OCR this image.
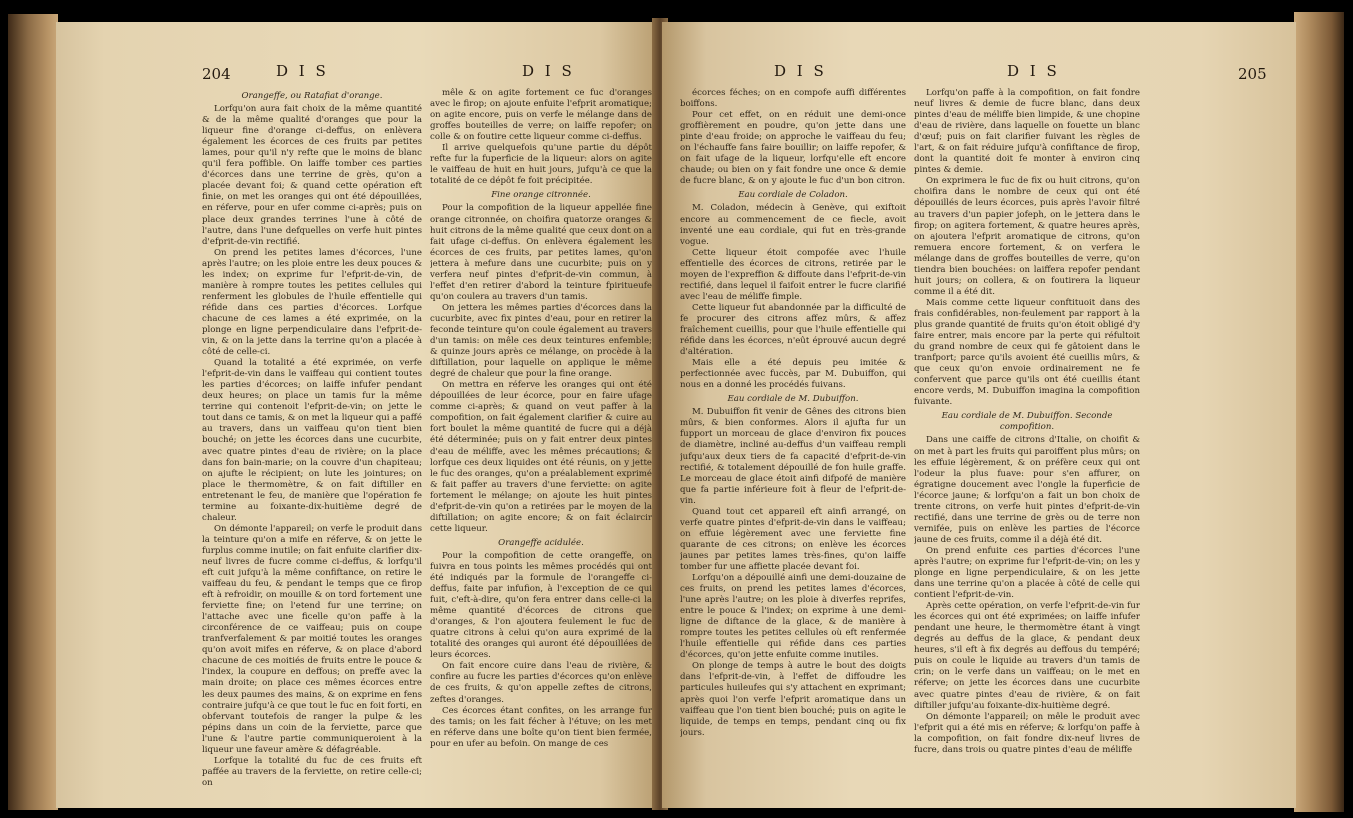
204	D I S	D I S

Orangeffe, ou Ratafiat d'orange.

Lorfqu'on aura fait choix de la même quantité & de la même qualité d'oranges que pour la liqueur fine d'orange ci-deffus, on enlèvera également les écorces de ces fruits par petites lames, pour qu'il n'y refte que le moins de blanc qu'il fera poffible. On laiffe tomber ces parties d'écorces dans une terrine de grès, qu'on a placée devant foi; & quand cette opération eft finie, on met les oranges qui ont été dépouillées, en réferve, pour en ufer comme ci-après; puis on place deux grandes terrines l'une à côté de l'autre, dans l'une defquelles on verfe huit pintes d'efprit-de-vin rectifié.

On prend les petites lames d'écorces, l'une après l'autre; on les ploie entre les deux pouces & les index; on exprime fur l'efprit-de-vin, de manière à rompre toutes les petites cellules qui renferment les globules de l'huile effentielle qui réfide dans ces parties d'écorces. Lorfque chacune de ces lames a été exprimée, on la plonge en ligne perpendiculaire dans l'efprit-de-vin, & on la jette dans la terrine qu'on a placée à côté de celle-ci.

Quand la totalité a été exprimée, on verfe l'efprit-de-vin dans le vaiffeau qui contient toutes les parties d'écorces; on laiffe infufer pendant deux heures; on place un tamis fur la même terrine qui contenoit l'efprit-de-vin; on jette le tout dans ce tamis, & on met la liqueur qui a paffé au travers, dans un vaiffeau qu'on tient bien bouché; on jette les écorces dans une cucurbite, avec quatre pintes d'eau de rivière; on la place dans fon bain-marie; on la couvre d'un chapiteau; on ajufte le récipient; on lute les jointures; on place le thermomètre, & on fait diftiller en entretenant le feu, de manière que l'opération fe termine au foixante-dix-huitième degré de chaleur.

On démonte l'appareil; on verfe le produit dans la teinture qu'on a mife en réferve, & on jette le furplus comme inutile; on fait enfuite clarifier dix-neuf livres de fucre comme ci-deffus, & lorfqu'il eft cuit jufqu'à la même confiftance, on retire le vaiffeau du feu, & pendant le temps que ce firop eft à refroidir, on mouille & on tord fortement une ferviette fine; on l'etend fur une terrine; on l'attache avec une ficelle qu'on paffe à la circonférence de ce vaiffeau; puis on coupe tranfverfalement & par moitié toutes les oranges qu'on avoit mifes en réferve, & on place d'abord chacune de ces moitiés de fruits entre le pouce & l'index, la coupure en deffous; on preffe avec la main droite; on place ces mêmes écorces entre les deux paumes des mains, & on exprime en fens contraire jufqu'à ce que tout le fuc en foit forti, en obfervant toutefois de ranger la pulpe & les pépins dans un coin de la ferviette, parce que l'une & l'autre partie communiqueroient à la liqueur une faveur amère & défagréable.

Lorfque la totalité du fuc de ces fruits eft paffée au travers de la ferviette, on retire celle-ci; on

mêle & on agite fortement ce fuc d'oranges avec le firop; on ajoute enfuite l'efprit aromatique; on agite encore, puis on verfe le mélange dans de groffes bouteilles de verre; on laiffe repofer; on colle & on foutire cette liqueur comme ci-deffus.

Il arrive quelquefois qu'une partie du dépôt refte fur la fuperficie de la liqueur: alors on agite le vaiffeau de huit en huit jours, jufqu'à ce que la totalité de ce dépôt fe foit précipitée.

Fine orange citronnée.

Pour la compofition de la liqueur appellée fine orange citronnée, on choifira quatorze oranges & huit citrons de la même qualité que ceux dont on a fait ufage ci-deffus. On enlèvera également les écorces de ces fruits, par petites lames, qu'on jettera à mefure dans une cucurbite; puis on y verfera neuf pintes d'efprit-de-vin commun, à l'effet d'en retirer d'abord la teinture fpiritueufe qu'on coulera au travers d'un tamis.

On jettera les mêmes parties d'écorces dans la cucurbite, avec fix pintes d'eau, pour en retirer la feconde teinture qu'on coule également au travers d'un tamis: on mêle ces deux teintures enfemble; & quinze jours après ce mélange, on procède à la diftillation, pour laquelle on applique le même degré de chaleur que pour la fine orange.

On mettra en réferve les oranges qui ont été dépouillées de leur écorce, pour en faire ufage comme ci-après; & quand on veut paffer à la compofition, on fait également clarifier & cuire au fort boulet la même quantité de fucre qui a déjà été déterminée; puis on y fait entrer deux pintes d'eau de méliffe, avec les mêmes précautions; & lorfque ces deux liquides ont été réunis, on y jette le fuc des oranges, qu'on a préalablement exprimé & fait paffer au travers d'une ferviette: on agite fortement le mélange; on ajoute les huit pintes d'efprit-de-vin qu'on a retirées par le moyen de la diftillation; on agite encore; & on fait éclaircir cette liqueur.

Orangeffe acidulée.

Pour la compofition de cette orangeffe, on fuivra en tous points les mêmes procédés qui ont été indiqués par la formule de l'orangeffe ci-deffus, faite par infufion, à l'exception de ce qui fuit, c'eft-à-dire, qu'on fera entrer dans celle-ci la même quantité d'écorces de citrons que d'oranges, & l'on ajoutera feulement le fuc de quatre citrons à celui qu'on aura exprimé de la totalité des oranges qui auront été dépouillées de leurs écorces.

On fait encore cuire dans l'eau de rivière, & confire au fucre les parties d'écorces qu'on enlève de ces fruits, & qu'on appelle zeftes de citrons, zeftes d'oranges.

Ces écorces étant confites, on les arrange fur des tamis; on les fait fécher à l'étuve; on les met en réferve dans une boîte qu'on tient bien fermée, pour en ufer au befoin. On mange de ces

D I S	D I S	205

écorces féches; on en compofe auffi différentes boiffons.

Pour cet effet, on en réduit une demi-once groffièrement en poudre, qu'on jette dans une pinte d'eau froide; on approche le vaiffeau du feu; on l'échauffe fans faire bouillir; on laiffe repofer, & on fait ufage de la liqueur, lorfqu'elle eft encore chaude; ou bien on y fait fondre une once & demie de fucre blanc, & on y ajoute le fuc d'un bon citron.

Eau cordiale de Coladon.

M. Coladon, médecin à Genève, qui exiftoit encore au commencement de ce fiecle, avoit inventé une eau cordiale, qui fut en très-grande vogue.

Cette liqueur étoit compofée avec l'huile effentielle des écorces de citrons, retirée par le moyen de l'expreffion & diffoute dans l'efprit-de-vin rectifié, dans lequel il faifoit entrer le fucre clarifié avec l'eau de méliffe fimple.

Cette liqueur fut abandonnée par la difficulté de fe procurer des citrons affez mûrs, & affez fraîchement cueillis, pour que l'huile effentielle qui réfide dans les écorces, n'eût éprouvé aucun degré d'altération.

Mais elle a été depuis peu imitée & perfectionnée avec fuccès, par M. Dubuiffon, qui nous en a donné les procédés fuivans.

Eau cordiale de M. Dubuiffon.

M. Dubuiffon fit venir de Gênes des citrons bien mûrs, & bien conformes. Alors il ajufta fur un fupport un morceau de glace d'environ fix pouces de diamètre, incliné au-deffus d'un vaiffeau rempli jufqu'aux deux tiers de fa capacité d'efprit-de-vin rectifié, & totalement dépouillé de fon huile graffe. Le morceau de glace étoit ainfi difpofé de manière que fa partie inférieure foit à fleur de l'efprit-de-vin.

Quand tout cet appareil eft ainfi arrangé, on verfe quatre pintes d'efprit-de-vin dans le vaiffeau; on effuie légèrement avec une ferviette fine quarante de ces citrons; on enlève les écorces jaunes par petites lames très-fines, qu'on laiffe tomber fur une affiette placée devant foi.

Lorfqu'on a dépouillé ainfi une demi-douzaine de ces fruits, on prend les petites lames d'écorces, l'une après l'autre; on les ploie à diverfes reprifes, entre le pouce & l'index; on exprime à une demi-ligne de diftance de la glace, & de manière à rompre toutes les petites cellules où eft renfermée l'huile effentielle qui réfide dans ces parties d'écorces, qu'on jette enfuite comme inutiles.

On plonge de temps à autre le bout des doigts dans l'efprit-de-vin, à l'effet de diffoudre les particules huileufes qui s'y attachent en exprimant; après quoi l'on verfe l'efprit aromatique dans un vaiffeau que l'on tient bien bouché; puis on agite le liquide, de temps en temps, pendant cinq ou fix jours.

Lorfqu'on paffe à la compofition, on fait fondre neuf livres & demie de fucre blanc, dans deux pintes d'eau de méliffe bien limpide, & une chopine d'eau de rivière, dans laquelle on fouette un blanc d'œuf; puis on fait clarifier fuivant les règles de l'art, & on fait réduire jufqu'à confiftance de firop, dont la quantité doit fe monter à environ cinq pintes & demie.

On exprimera le fuc de fix ou huit citrons, qu'on choifira dans le nombre de ceux qui ont été dépouillés de leurs écorces, puis après l'avoir filtré au travers d'un papier jofeph, on le jettera dans le firop; on agitera fortement, & quatre heures après, on ajoutera l'efprit aromatique de citrons, qu'on remuera encore fortement, & on verfera le mélange dans de groffes bouteilles de verre, qu'on tiendra bien bouchées: on laiffera repofer pendant huit jours; on collera, & on foutirera la liqueur comme il a été dit.

Mais comme cette liqueur conftituoit dans des frais confidérables, non-feulement par rapport à la plus grande quantité de fruits qu'on étoit obligé d'y faire entrer, mais encore par la perte qui réfultoit du grand nombre de ceux qui fe gâtoient dans le tranfport; parce qu'ils avoient été cueillis mûrs, & que ceux qu'on envoie ordinairement ne fe confervent que parce qu'ils ont été cueillis étant encore verds, M. Dubuiffon imagina la compofition fuivante.

Eau cordiale de M. Dubuiffon. Seconde compofition.

Dans une caiffe de citrons d'Italie, on choifit & on met à part les fruits qui paroiffent plus mûrs; on les effuie légèrement, & on préfère ceux qui ont l'odeur la plus fuave: pour s'en affurer, on égratigne doucement avec l'ongle la fuperficie de l'écorce jaune; & lorfqu'on a fait un bon choix de trente citrons, on verfe huit pintes d'efprit-de-vin rectifié, dans une terrine de grès ou de terre non vernifée, puis on enlève les parties de l'écorce jaune de ces fruits, comme il a déjà été dit.

On prend enfuite ces parties d'écorces l'une après l'autre; on exprime fur l'efprit-de-vin; on les y plonge en ligne perpendiculaire, & on les jette dans une terrine qu'on a placée à côté de celle qui contient l'efprit-de-vin.

Après cette opération, on verfe l'efprit-de-vin fur les écorces qui ont été exprimées; on laiffe infufer pendant une heure, le thermomètre étant à vingt degrés au deffus de la glace, & pendant deux heures, s'il eft à fix degrés au deffous du tempéré; puis on coule le liquide au travers d'un tamis de crin; on le verfe dans un vaiffeau; on le met en réferve; on jette les écorces dans une cucurbite avec quatre pintes d'eau de rivière, & on fait diftiller jufqu'au foixante-dix-huitième degré.

On démonte l'appareil; on mêle le produit avec l'efprit qui a été mis en réferve; & lorfqu'on paffe à la compofition, on fait fondre dix-neuf livres de fucre, dans trois ou quatre pintes d'eau de méliffe
